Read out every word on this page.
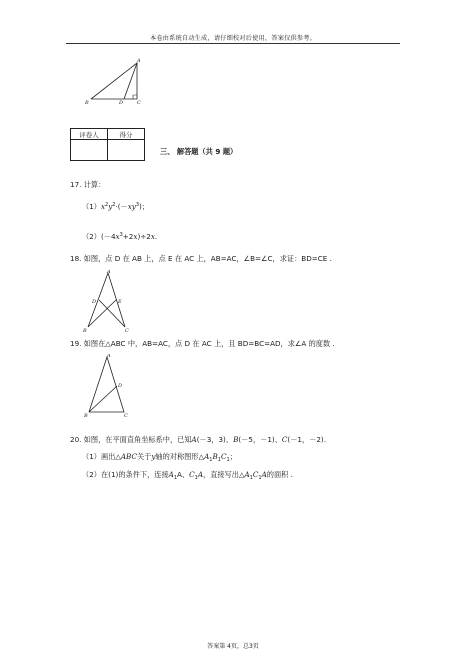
本卷由系统自动生成，请仔细校对后使用，答案仅供参考。
A
B	D	C
评卷人	得分

三、 解答题（共 9 题）
17. 计算：
$(1)x^2y^2\cdot(-xy^3)$；
$(2)(-4x^3+2x)\div 2x$.
18. 如图，点 D 在 AB 上，点 E 在 AC 上，AB=AC，∠B=∠C，求证：BD=CE .
A
D	E
B	C
19. 如图在△ABC 中，AB=AC，点 D 在 AC 上，且 BD=BC=AD，求∠A 的度数 .
A
D
B	C
20. 如图，在平面直角坐标系中，已知A(－3，3)、B(－5，－1)、C(－1，－2).
（1）画出△ABC关于y轴的对称图形$\triangle A_1B_1C_1$；
（2）在(1)的条件下，连接$A_1A$、$C_1A$，直接写出$\triangle A_1C_1A$的面积 .
答案第 4页，总3页
